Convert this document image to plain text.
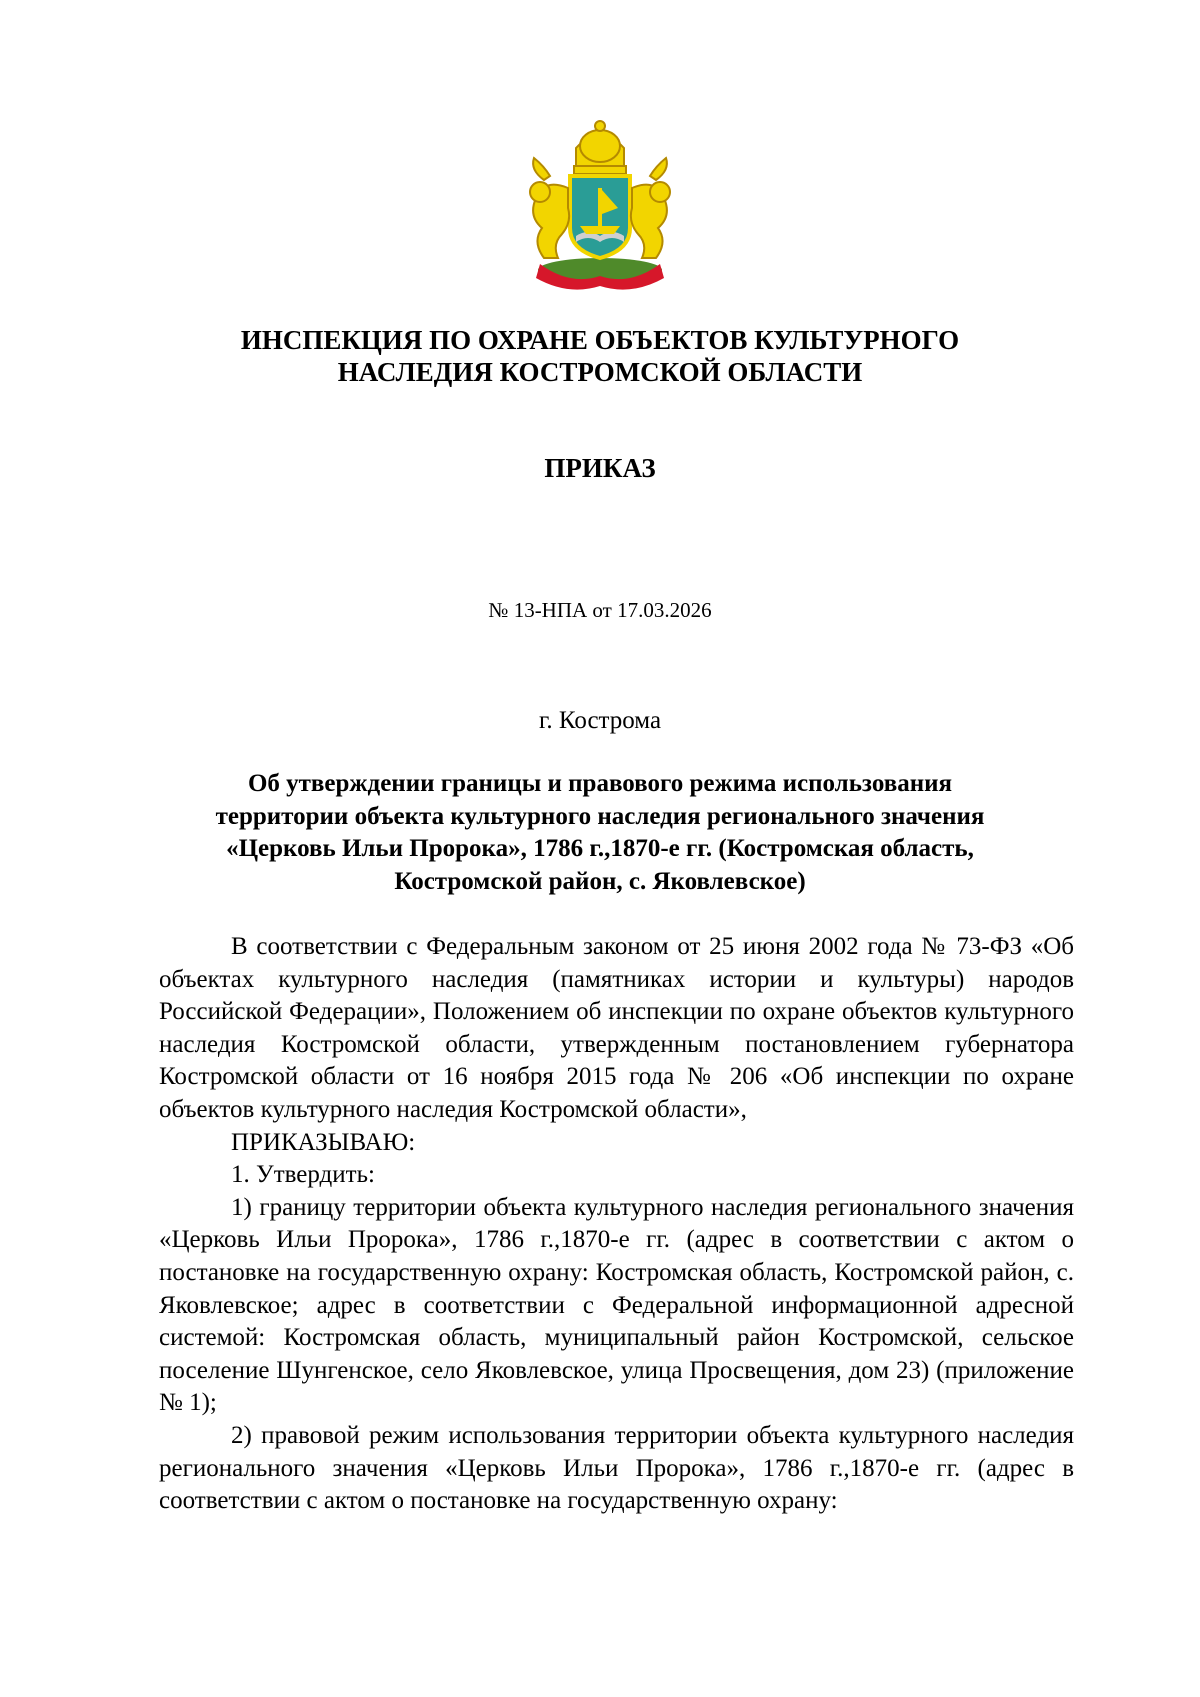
ИНСПЕКЦИЯ ПО ОХРАНЕ ОБЪЕКТОВ КУЛЬТУРНОГО
НАСЛЕДИЯ КОСТРОМСКОЙ ОБЛАСТИ
ПРИКАЗ
№ 13-НПА от 17.03.2026
г. Кострома
Об утверждении границы и правового режима использования
территории объекта культурного наследия регионального значения
«Церковь Ильи Пророка», 1786 г.,1870-е гг. (Костромская область,
Костромской район, с. Яковлевское)

В соответствии с Федеральным законом от 25 июня 2002 года № 73-ФЗ «Об объектах культурного наследия (памятниках истории и культуры) народов Российской Федерации», Положением об инспекции по охране объектов культурного наследия Костромской области, утвержденным постановлением губернатора Костромской области от 16 ноября 2015 года № 206 «Об инспекции по охране объектов культурного наследия Костромской области»,

ПРИКАЗЫВАЮ:

1. Утвердить:

1) границу территории объекта культурного наследия регионального значения «Церковь Ильи Пророка», 1786 г.,1870-е гг. (адрес в соответствии с актом о постановке на государственную охрану: Костромская область, Костромской район, с. Яковлевское; адрес в соответствии с Федеральной информационной адресной системой: Костромская область, муниципальный район Костромской, сельское поселение Шунгенское, село Яковлевское, улица Просвещения, дом 23) (приложение № 1);

2) правовой режим использования территории объекта культурного наследия регионального значения «Церковь Ильи Пророка», 1786 г.,1870-е гг. (адрес в соответствии с актом о постановке на государственную охрану:
